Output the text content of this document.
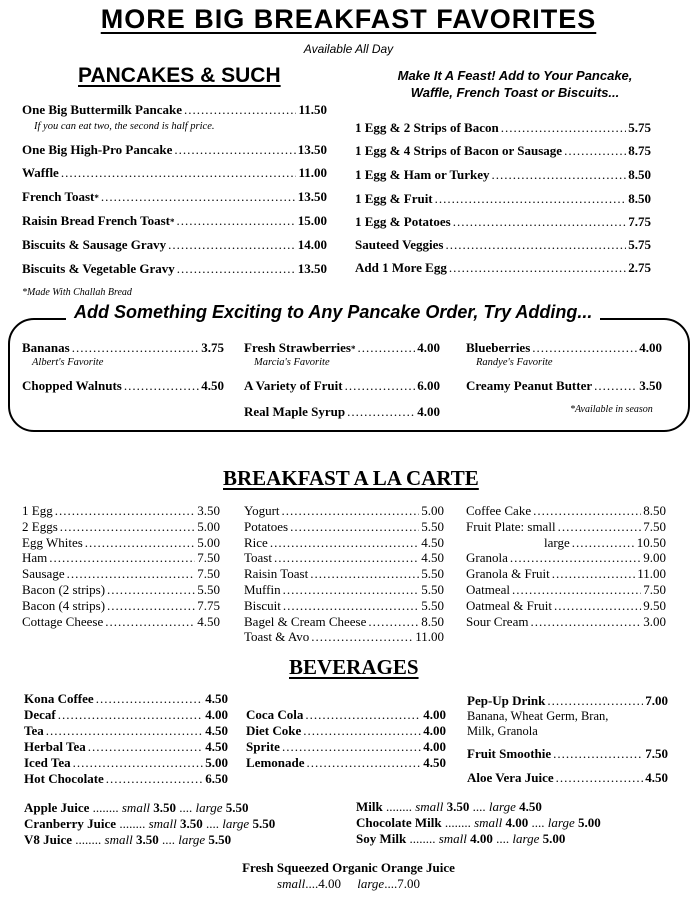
MORE BIG BREAKFAST FAVORITES
Available All Day
PANCAKES & SUCH
One Big Buttermilk Pancake .....	11.50
One Big High-Pro Pancake .....	13.50
Waffle .....	11.00
French Toast * .....	13.50
Raisin Bread French Toast * .....	15.00
Biscuits & Sausage Gravy .....	14.00
Biscuits & Vegetable Gravy .....	13.50
If you can eat two, the second is half price.
*Made With Challah Bread
Make It A Feast! Add to Your Pancake,
Waffle, French Toast or Biscuits...
1 Egg & 2 Strips of Bacon .....	5.75
1 Egg & 4 Strips of Bacon or Sausage .....	8.75
1 Egg & Ham or Turkey .....	8.50
1 Egg & Fruit .....	8.50
1 Egg & Potatoes .....	7.75
Sauteed Veggies .....	5.75
Add 1 More Egg .....	2.75
Add Something Exciting to Any Pancake Order, Try Adding...
Bananas .....	3.75
Albert's Favorite
Chopped Walnuts .....	4.50
Fresh Strawberries * .....	4.00
Marcia's Favorite
A Variety of Fruit .....	6.00
Real Maple Syrup .....	4.00
Blueberries .....	4.00
Randye's Favorite
Creamy Peanut Butter .....	3.50
*Available in season
BREAKFAST A LA CARTE
1 Egg .....	3.50
2 Eggs .....	5.00
Egg Whites .....	5.00
Ham .....	7.50
Sausage .....	7.50
Bacon (2 strips) .....	5.50
Bacon (4 strips) .....	7.75
Cottage Cheese .....	4.50
Yogurt .....	5.00
Potatoes .....	5.50
Rice .....	4.50
Toast .....	4.50
Raisin Toast .....	5.50
Muffin .....	5.50
Biscuit .....	5.50
Bagel & Cream Cheese .....	8.50
Toast & Avo .....	11.00
Coffee Cake .....	8.50
Fruit Plate: small .....	7.50
large .....	10.50
Granola .....	9.00
Granola & Fruit .....	11.00
Oatmeal .....	7.50
Oatmeal & Fruit .....	9.50
Sour Cream .....	3.00
BEVERAGES
Kona Coffee .....	4.50
Decaf .....	4.00
Tea .....	4.50
Herbal Tea .....	4.50
Iced Tea .....	5.00
Hot Chocolate .....	6.50
Coca Cola .....	4.00
Diet Coke .....	4.00
Sprite .....	4.00
Lemonade .....	4.50
Pep-Up Drink .....	7.00
Fruit Smoothie .....	7.50
Aloe Vera Juice .....	4.50
Banana, Wheat Germ, Bran,
Milk, Granola
Apple Juice ........ small 3.50 .... large 5.50
Cranberry Juice ........ small 3.50 .... large 5.50
V8 Juice ........ small 3.50 .... large 5.50
Milk ........ small 3.50 .... large 4.50
Chocolate Milk ........ small 4.00 .... large 5.00
Soy Milk ........ small 4.00 .... large 5.00
Fresh Squeezed Organic Orange Juice
small....4.00 large....7.00
